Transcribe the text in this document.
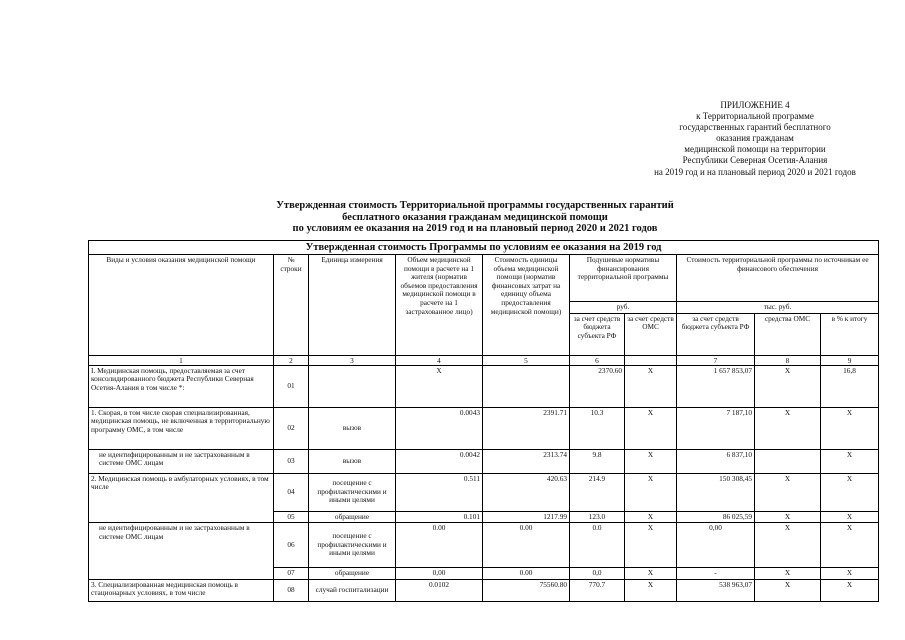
ПРИЛОЖЕНИЕ 4
к Территориальной программе
государственных гарантий бесплатного
оказания гражданам
медицинской помощи на территории
Республики Северная Осетия-Алания
на 2019 год и на плановый период 2020 и 2021 годов
Утвержденная стоимость Территориальной программы государственных гарантий
бесплатного оказания гражданам медицинской помощи
по условиям ее оказания на 2019 год и на плановый период 2020 и 2021 годов
Утвержденная стоимость Программы по условиям ее оказания на 2019 год									
Виды и условия оказания медицинской помощи	№ строки	Единица измерения	Объем медицинской помощи в расчете на 1 жителя (норматив объемов предоставления медицинской помощи в расчете на 1 застрахованное лицо)	Стоимость единицы объема медицинской помощи (норматив финансовых затрат на единицу объема предоставления медицинской помощи)	Подушевые нормативы финансирования территориальной программы		Стоимость территориальной программы по источникам ее финансового обеспечения		
					руб.		тыс. руб.		
					за счет средств бюджета субъекта РФ	за счет средств ОМС	за счет средств бюджета субъекта РФ	средства ОМС	в % к итогу
1	2	3	4	5	6		7	8	9
I. Медицинская помощь, предоставляемая за счет консолидированного бюджета Республики Северная Осетия-Алания в том числе *:	01		X		2370.60	X	1 657 853,07	X	16,8
1. Скорая, в том числе скорая специализированная, медицинская помощь, не включенная в территориальную программу ОМС, в том числе	02	вызов	0.0043	2391.71	10.3	X	7 187,10	X	X
не идентифицированным и не застрахованным в системе ОМС лицам	03	вызов	0.0042	2313.74	9.8	X	6 837,10		X
2. Медицинская помощь в амбулаторных условиях, в том числе	04	посещение с профилактическими и иными целями	0.511	420.63	214.9	X	150 308,45	X	X
	05	обращение	0.101	1217.99	123.0	X	86 025,59	X	X
не идентифицированным и не застрахованным в системе ОМС лицам	06	посещение с профилактическими и иными целями	0.00	0.00	0.0	X	0,00	X	X
	07	обращение	0,00	0.00	0,0	X	-	X	X
3. Специализированная медицинская помощь в стационарных условиях, в том числе	08	случай госпитализации	0.0102	75560.80	770.7	X	538 963,07	X	X
